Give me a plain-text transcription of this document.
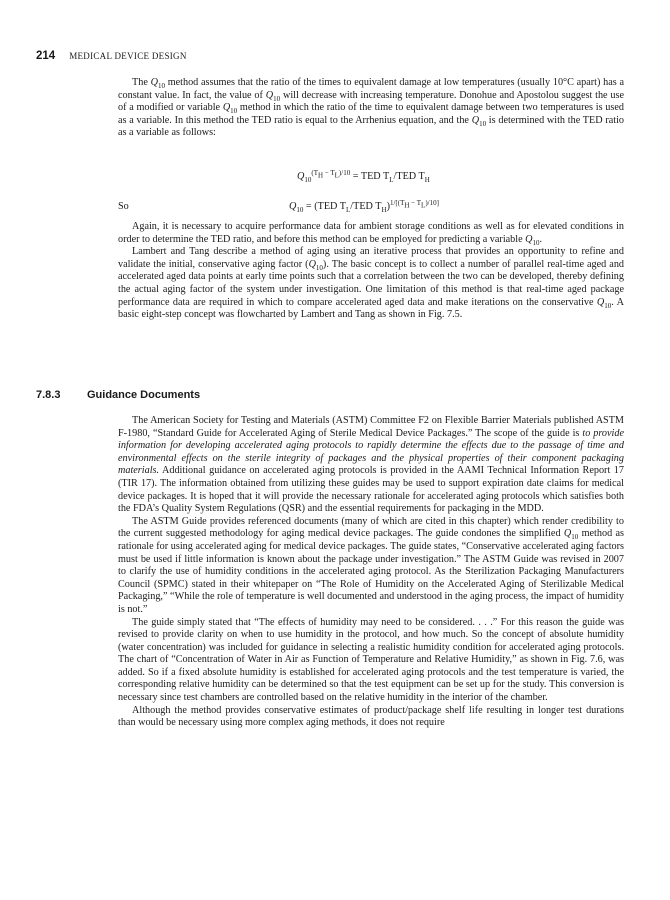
214 MEDICAL DEVICE DESIGN

The $Q_{10}$ method assumes that the ratio of the times to equivalent damage at low temperatures (usually 10°C apart) has a constant value. In fact, the value of $Q_{10}$ will decrease with increasing temperature. Donohue and Apostolou suggest the use of a modified or variable $Q_{10}$ method in which the ratio of the time to equivalent damage between two temperatures is used as a variable. In this method the TED ratio is equal to the Arrhenius equation, and the $Q_{10}$ is determined with the TED ratio as a variable as follows:

$Q_{10}^{(T_H - T_L)/10}$ = TED $T_L$/TED $T_H$
So	$Q_{10} = (TED$ $T_L$/TED $T_H)^{1/[(T_H - T_L)/10]}$

Again, it is necessary to acquire performance data for ambient storage conditions as well as for elevated conditions in order to determine the TED ratio, and before this method can be employed for predicting a variable $Q_{10}$.

Lambert and Tang describe a method of aging using an iterative process that provides an opportunity to refine and validate the initial, conservative aging factor $(Q_{10})$. The basic concept is to collect a number of parallel real-time aged and accelerated aged data points at early time points such that a correlation between the two can be developed, thereby defining the actual aging factor of the system under investigation. One limitation of this method is that real-time aged package performance data are required in which to compare accelerated aged data and make iterations on the conservative $Q_{10}$. A basic eight-step concept was flowcharted by Lambert and Tang as shown in Fig. 7.5.

7.8.3 Guidance Documents

The American Society for Testing and Materials (ASTM) Committee F2 on Flexible Barrier Materials published ASTM F-1980, “Standard Guide for Accelerated Aging of Sterile Medical Device Packages.” The scope of the guide is to provide information for developing accelerated aging protocols to rapidly determine the effects due to the passage of time and environmental effects on the sterile integrity of packages and the physical properties of their component packaging materials. Additional guidance on accelerated aging protocols is provided in the AAMI Technical Information Report 17 (TIR 17). The information obtained from utilizing these guides may be used to support expiration date claims for medical device packages. It is hoped that it will provide the necessary rationale for accelerated aging protocols which satisfies both the FDA’s Quality System Regulations (QSR) and the essential requirements for packaging in the MDD.

The ASTM Guide provides referenced documents (many of which are cited in this chapter) which render credibility to the current suggested methodology for aging medical device packages. The guide condones the simplified $Q_{10}$ method as rationale for using accelerated aging for medical device packages. The guide states, “Conservative accelerated aging factors must be used if little information is known about the package under investigation.” The ASTM Guide was revised in 2007 to clarify the use of humidity conditions in the accelerated aging protocol. As the Sterilization Packaging Manufacturers Council (SPMC) stated in their whitepaper on “The Role of Humidity on the Accelerated Aging of Sterilizable Medical Packaging,” “While the role of temperature is well documented and understood in the aging process, the impact of humidity is not.”

The guide simply stated that “The effects of humidity may need to be considered. . . .” For this reason the guide was revised to provide clarity on when to use humidity in the protocol, and how much. So the concept of absolute humidity (water concentration) was included for guidance in selecting a realistic humidity condition for accelerated aging protocols. The chart of “Concentration of Water in Air as Function of Temperature and Relative Humidity,” as shown in Fig. 7.6, was added. So if a fixed absolute humidity is established for accelerated aging protocols and the test temperature is varied, the corresponding relative humidity can be determined so that the test equipment can be set up for the study. This conversion is necessary since test chambers are controlled based on the relative humidity in the interior of the chamber.

Although the method provides conservative estimates of product/package shelf life resulting in longer test durations than would be necessary using more complex aging methods, it does not require
